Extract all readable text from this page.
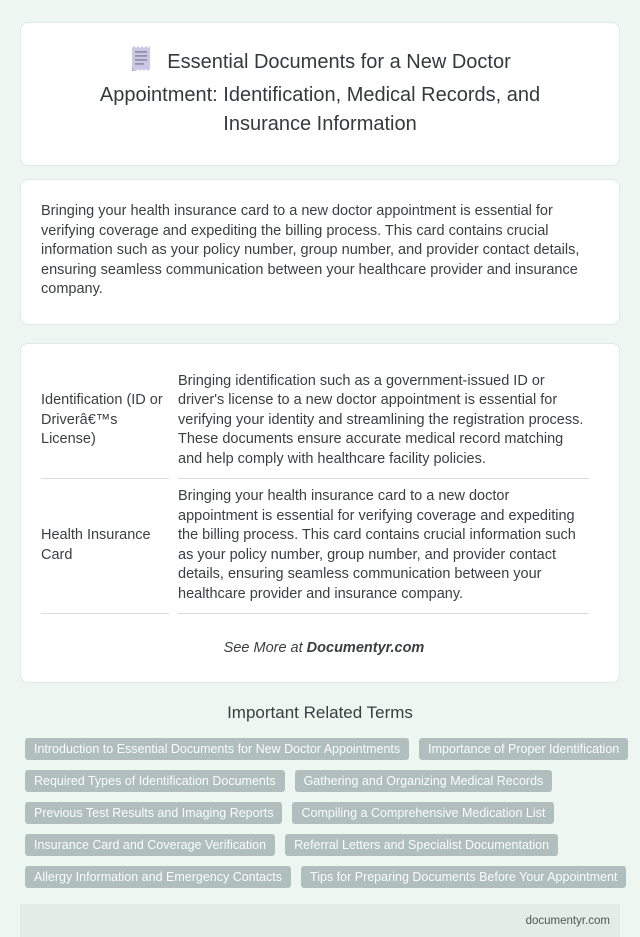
Essential Documents for a New Doctor
Appointment: Identification, Medical Records, and
Insurance Information

Bringing your health insurance card to a new doctor appointment is essential for verifying coverage and expediting the billing process. This card contains crucial information such as your policy number, group number, and provider contact details, ensuring seamless communication between your healthcare provider and insurance company.

Identification (ID or Driverâ€™s License)	Bringing identification such as a government-issued ID or driver's license to a new doctor appointment is essential for verifying your identity and streamlining the registration process. These documents ensure accurate medical record matching and help comply with healthcare facility policies.
Health Insurance Card	Bringing your health insurance card to a new doctor appointment is essential for verifying coverage and expediting the billing process. This card contains crucial information such as your policy number, group number, and provider contact details, ensuring seamless communication between your healthcare provider and insurance company.
See More at Documentyr.com
Important Related Terms
Introduction to Essential Documents for New Doctor Appointments	Importance of Proper Identification
Required Types of Identification Documents	Gathering and Organizing Medical Records
Previous Test Results and Imaging Reports	Compiling a Comprehensive Medication List
Insurance Card and Coverage Verification	Referral Letters and Specialist Documentation
Allergy Information and Emergency Contacts	Tips for Preparing Documents Before Your Appointment
documentyr.com
